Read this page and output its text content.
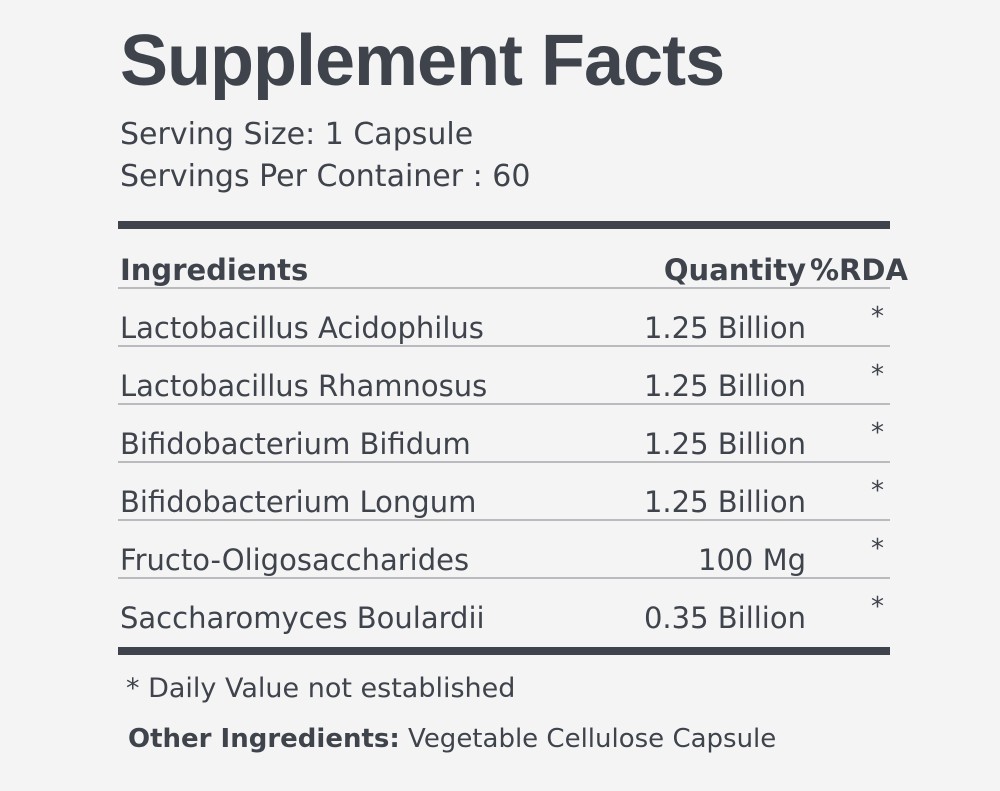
Supplement Facts
Serving Size: 1 Capsule
Servings Per Container : 60
Ingredients	Quantity	%RDA
Lactobacillus Acidophilus	1.25 Billion	*
Lactobacillus Rhamnosus	1.25 Billion	*
Bifidobacterium Bifidum	1.25 Billion	*
Bifidobacterium Longum	1.25 Billion	*
Fructo-Oligosaccharides	100 Mg	*
Saccharomyces Boulardii	0.35 Billion	*
* Daily Value not established
Other Ingredients: Vegetable Cellulose Capsule
